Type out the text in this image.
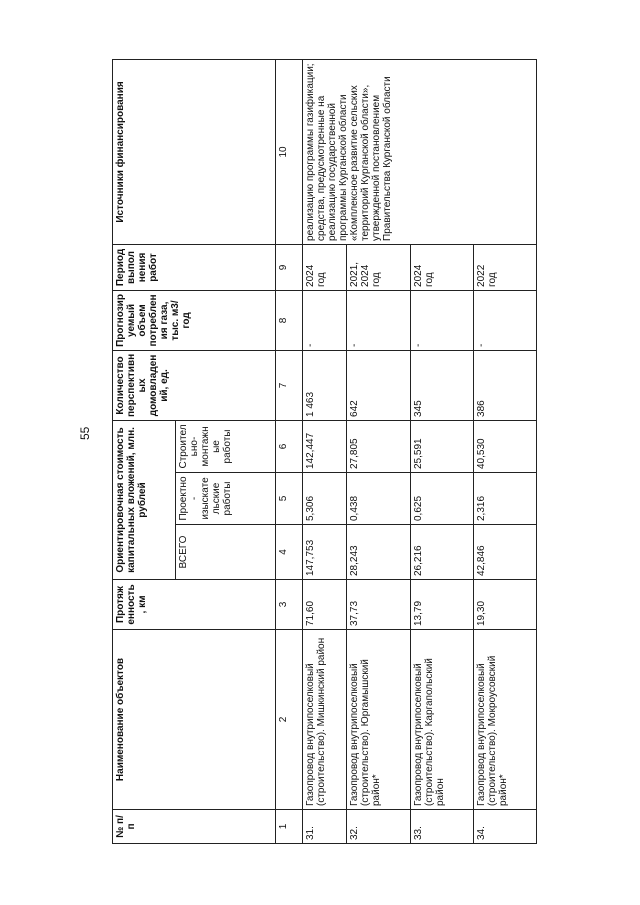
55
№ п/п	Наименование объектов	Протяж енность , км	Ориентировочная стоимость капитальных вложений, млн. рублей			Количество перспективн ых домовладен ий, ед.	Прогнозир уемый объем потреблен ия газа, тыс. м3/год	Период выпол нения работ	Источники финансирования
			ВСЕГО	Проектно - изыскате льские работы	Строител ьно- монтажн ые работы				
1	2	3	4	5	6	7	8	9	10
31.	Газопровод внутрипоселковый (строительство). Мишкинский район	71,60	147,753	5,306	142,447	1 463	-	2024 год	реализацию программы газификации; средства, предусмотренные на реализацию государственной программы Курганской области «Комплексное развитие сельских территорий Курганской области», утвержденной постановлением Правительства Курганской области
32.	Газопровод внутрипоселковый (строительство). Юргамышский район*	37,73	28,243	0,438	27,805	642	-	2021, 2024 год	
33.	Газопровод внутрипоселковый (строительство). Каргапольский район	13,79	26,216	0,625	25,591	345	-	2024 год	
34.	Газопровод внутрипоселковый (строительство). Мокроусовский район*	19,30	42,846	2,316	40,530	386	-	2022 год	
